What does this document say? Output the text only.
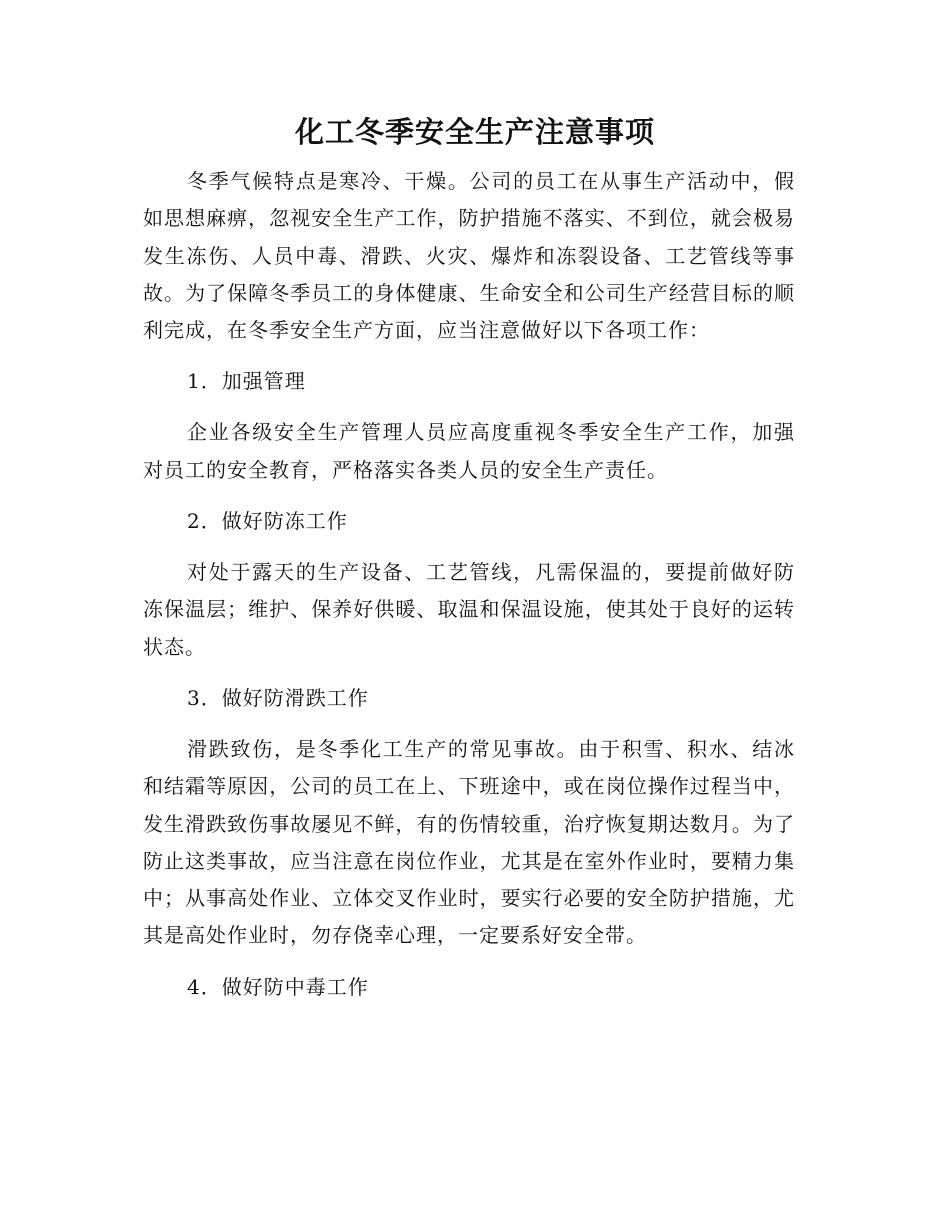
化工冬季安全生产注意事项

冬季气候特点是寒冷、干燥。公司的员工在从事生产活动中，假如思想麻痹，忽视安全生产工作，防护措施不落实、不到位，就会极易发生冻伤、人员中毒、滑跌、火灾、爆炸和冻裂设备、工艺管线等事故。为了保障冬季员工的身体健康、生命安全和公司生产经营目标的顺利完成，在冬季安全生产方面，应当注意做好以下各项工作：

1．加强管理

企业各级安全生产管理人员应高度重视冬季安全生产工作，加强对员工的安全教育，严格落实各类人员的安全生产责任。

2．做好防冻工作

对处于露天的生产设备、工艺管线，凡需保温的，要提前做好防冻保温层；维护、保养好供暖、取温和保温设施，使其处于良好的运转状态。

3．做好防滑跌工作

滑跌致伤，是冬季化工生产的常见事故。由于积雪、积水、结冰和结霜等原因，公司的员工在上、下班途中，或在岗位操作过程当中，发生滑跌致伤事故屡见不鲜，有的伤情较重，治疗恢复期达数月。为了防止这类事故，应当注意在岗位作业，尤其是在室外作业时，要精力集中；从事高处作业、立体交叉作业时，要实行必要的安全防护措施，尤其是高处作业时，勿存侥幸心理，一定要系好安全带。

4．做好防中毒工作
